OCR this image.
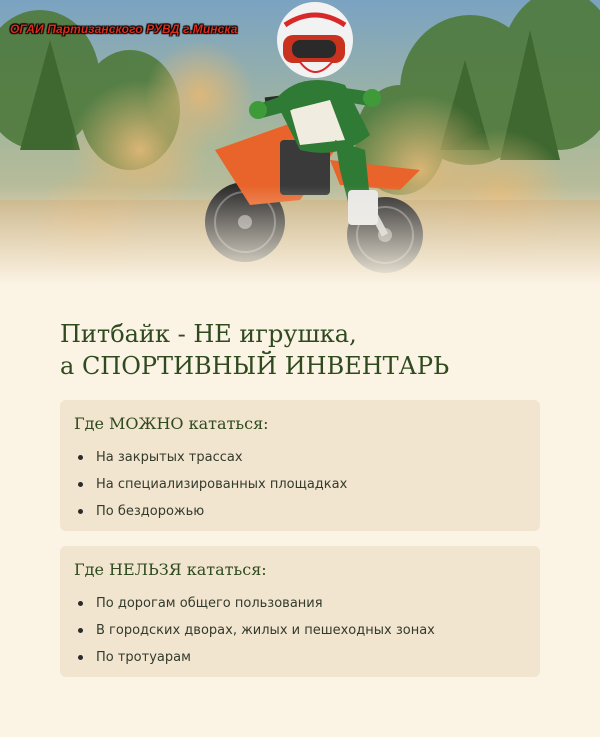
ОГАИ Партизанского РУВД г.Минска
Питбайк - НЕ игрушка,
а СПОРТИВНЫЙ ИНВЕНТАРЬ
Где МОЖНО кататься:
На закрытых трассах
На специализированных площадках
По бездорожью
Где НЕЛЬЗЯ кататься:
По дорогам общего пользования
В городских дворах, жилых и пешеходных зонах
По тротуарам
